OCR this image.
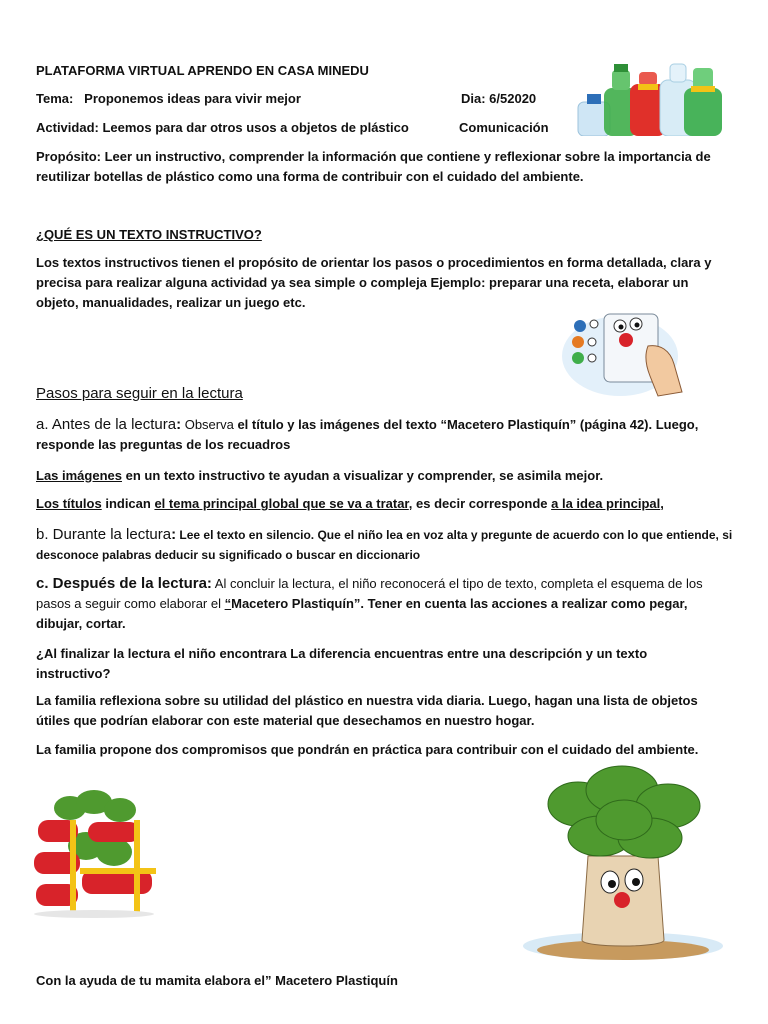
PLATAFORMA VIRTUAL APRENDO EN CASA MINEDU
Tema: Proponemos ideas para vivir mejor	Dia: 6/52020
Actividad: Leemos para dar otros usos a objetos de plástico	Comunicación
Propósito: Leer un instructivo, comprender la información que contiene y reflexionar sobre la importancia de reutilizar botellas de plástico como una forma de contribuir con el cuidado del ambiente.
¿QUÉ ES UN TEXTO INSTRUCTIVO?
Los textos instructivos tienen el propósito de orientar los pasos o procedimientos en forma detallada, clara y precisa para realizar alguna actividad ya sea simple o compleja Ejemplo: preparar una receta, elaborar un objeto, manualidades, realizar un juego etc.
Pasos para seguir en la lectura
a. Antes de la lectura: Observa el título y las imágenes del texto “Macetero Plastiquín” (página 42). Luego, responde las preguntas de los recuadros
Las imágenes en un texto instructivo te ayudan a visualizar y comprender, se asimila mejor.
Los títulos indican el tema principal global que se va a tratar, es decir corresponde a la idea principal,
b. Durante la lectura: Lee el texto en silencio. Que el niño lea en voz alta y pregunte de acuerdo con lo que entiende, si desconoce palabras deducir su significado o buscar en diccionario
c. Después de la lectura: Al concluir la lectura, el niño reconocerá el tipo de texto, completa el esquema de los pasos a seguir como elaborar el “Macetero Plastiquín”. Tener en cuenta las acciones a realizar como pegar, dibujar, cortar.
¿Al finalizar la lectura el niño encontrara La diferencia encuentras entre una descripción y un texto instructivo?
La familia reflexiona sobre su utilidad del plástico en nuestra vida diaria. Luego, hagan una lista de objetos útiles que podrían elaborar con este material que desechamos en nuestro hogar.
La familia propone dos compromisos que pondrán en práctica para contribuir con el cuidado del ambiente.
Con la ayuda de tu mamita elabora el” Macetero Plastiquín
